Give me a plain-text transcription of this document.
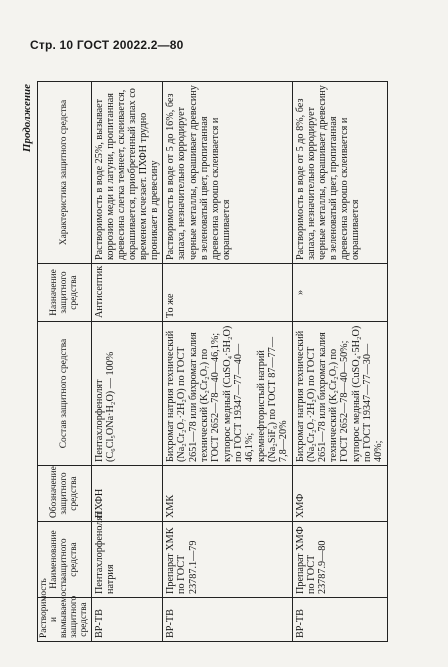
Стр. 10 ГОСТ 20022.2—80
Продолжение
Растворимость и вымываемость защитного средства	Наименование защитного средства	Обозначение защитного средства	Состав защитного средства	Назначение защитного средства	Характеристика защитного средства
ВР-ТВ	Пентахлорфенолят натрия	ПХФН	Пентахлорфенолят (C₆Cl₅ONa·H₂O) — 100%	Антисептик	Растворимость в воде 25%, вызывает коррозию меди и латуни, пропитанная древесина слегка темнеет, склеивается, окрашивается, приобретенный запах со временем исчезает. ПХФН трудно проникает в древесину
ВР-ТВ	Препарат ХМК по ГОСТ 23787.1—79	ХМК	Бихромат натрия технический (Na₂Cr₂O₇·2H₂O) по ГОСТ 2651—78 или бихромат калия технический (K₂Cr₂O₇) по ГОСТ 2652—78—40—46,1%; купорос медный (CuSO₄·5H₂O) по ГОСТ 19347—77—40—46,1%; кремнефтористый натрий (Na₂SiF₆) по ГОСТ 87—77—7,8—20%	То же	Растворимость в воде от 5 до 16%, без запаха, незначительно корродирует черные металлы, окрашивает древесину в зеленоватый цвет, пропитанная древесина хорошо склеивается и окрашивается
ВР-ТВ	Препарат ХМФ по ГОСТ 23787.9—80	ХМФ	Бихромат натрия технический (Na₂Cr₂O₇·2H₂O) по ГОСТ 2651—78 или бихромат калия технический (K₂Cr₂O₇) по ГОСТ 2652—78—40—50%; купорос медный (CuSO₄·5H₂O) по ГОСТ 19347—77—30—40%;	»	Растворимость в воде от 5 до 8%, без запаха, незначительно корродирует черные металлы, окрашивает древесину в зеленоватый цвет, пропитанная древесина хорошо склеивается и окрашивается
